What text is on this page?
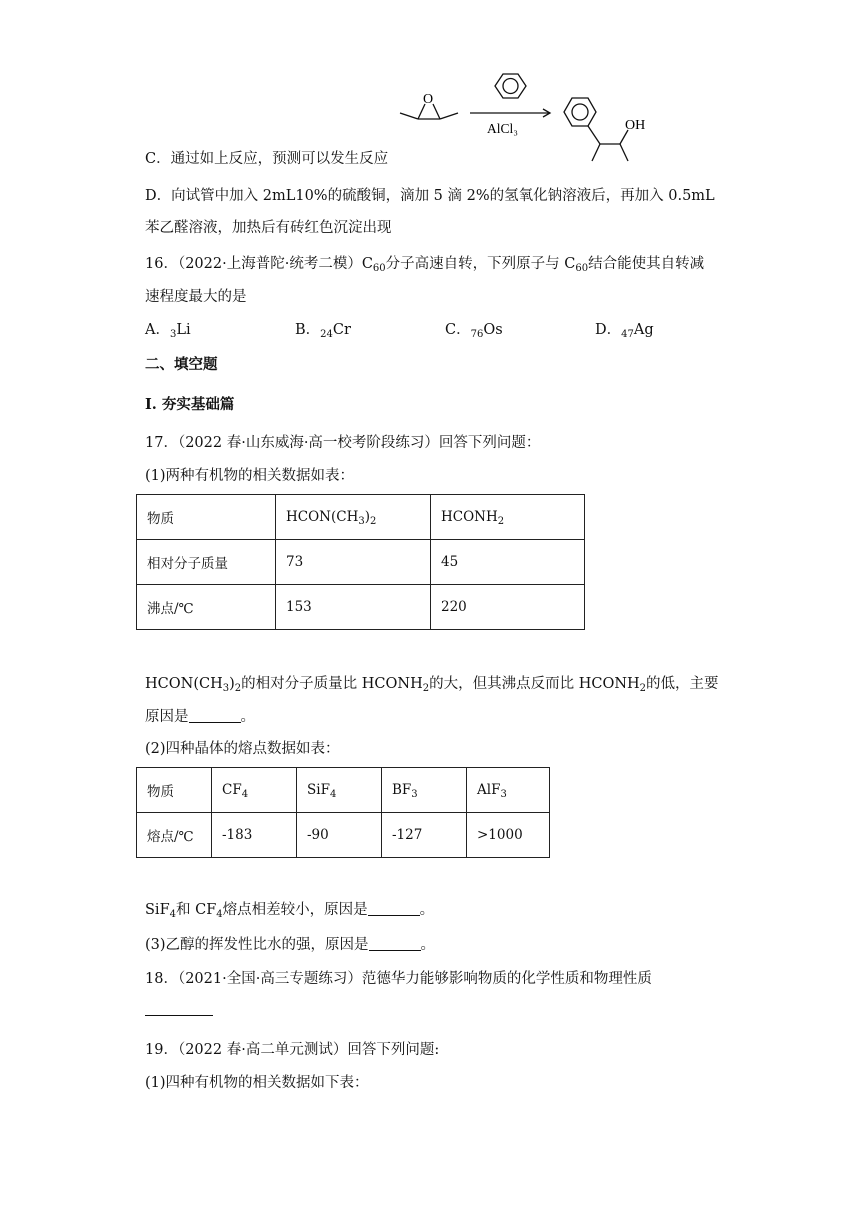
O
AlCl₃	OH
C．通过如上反应，预测可以发生反应
D．向试管中加入 2mL10%的硫酸铜，滴加 5 滴 2%的氢氧化钠溶液后，再加入 0.5mL
苯乙醛溶液，加热后有砖红色沉淀出现
16．（2022·上海普陀·统考二模）$C_{60}$分子高速自转，下列原子与 $C_{60}$结合能使其自转减
速程度最大的是
A．$_3$Li	B．$_{24}$Cr	C．$_{76}$Os	D．$_{47}$Ag
二、填空题
Ⅰ. 夯实基础篇
17．（2022 春·山东威海·高一校考阶段练习）回答下列问题：
(1)两种有机物的相关数据如表：
物质	$HCON(CH_3)_2$	$HCONH_2$
相对分子质量	73	45
沸点/℃	153	220
$HCON(CH_3)_2$的相对分子质量比 $HCONH_2$的大，但其沸点反而比 $HCONH_2$的低，主要
原因是	。
(2)四种晶体的熔点数据如表：
物质	$CF_4$	SiF$_4$	$BF_3$	AlF$_3$
熔点/℃	-183	-90	-127	>1000
SiF$_4$和 $CF_4$熔点相差较小，原因是	。
(3)乙醇的挥发性比水的强，原因是	。
18．（2021·全国·高三专题练习）范德华力能够影响物质的化学性质和物理性质
19．（2022 春·高二单元测试）回答下列问题:
(1)四种有机物的相关数据如下表：
